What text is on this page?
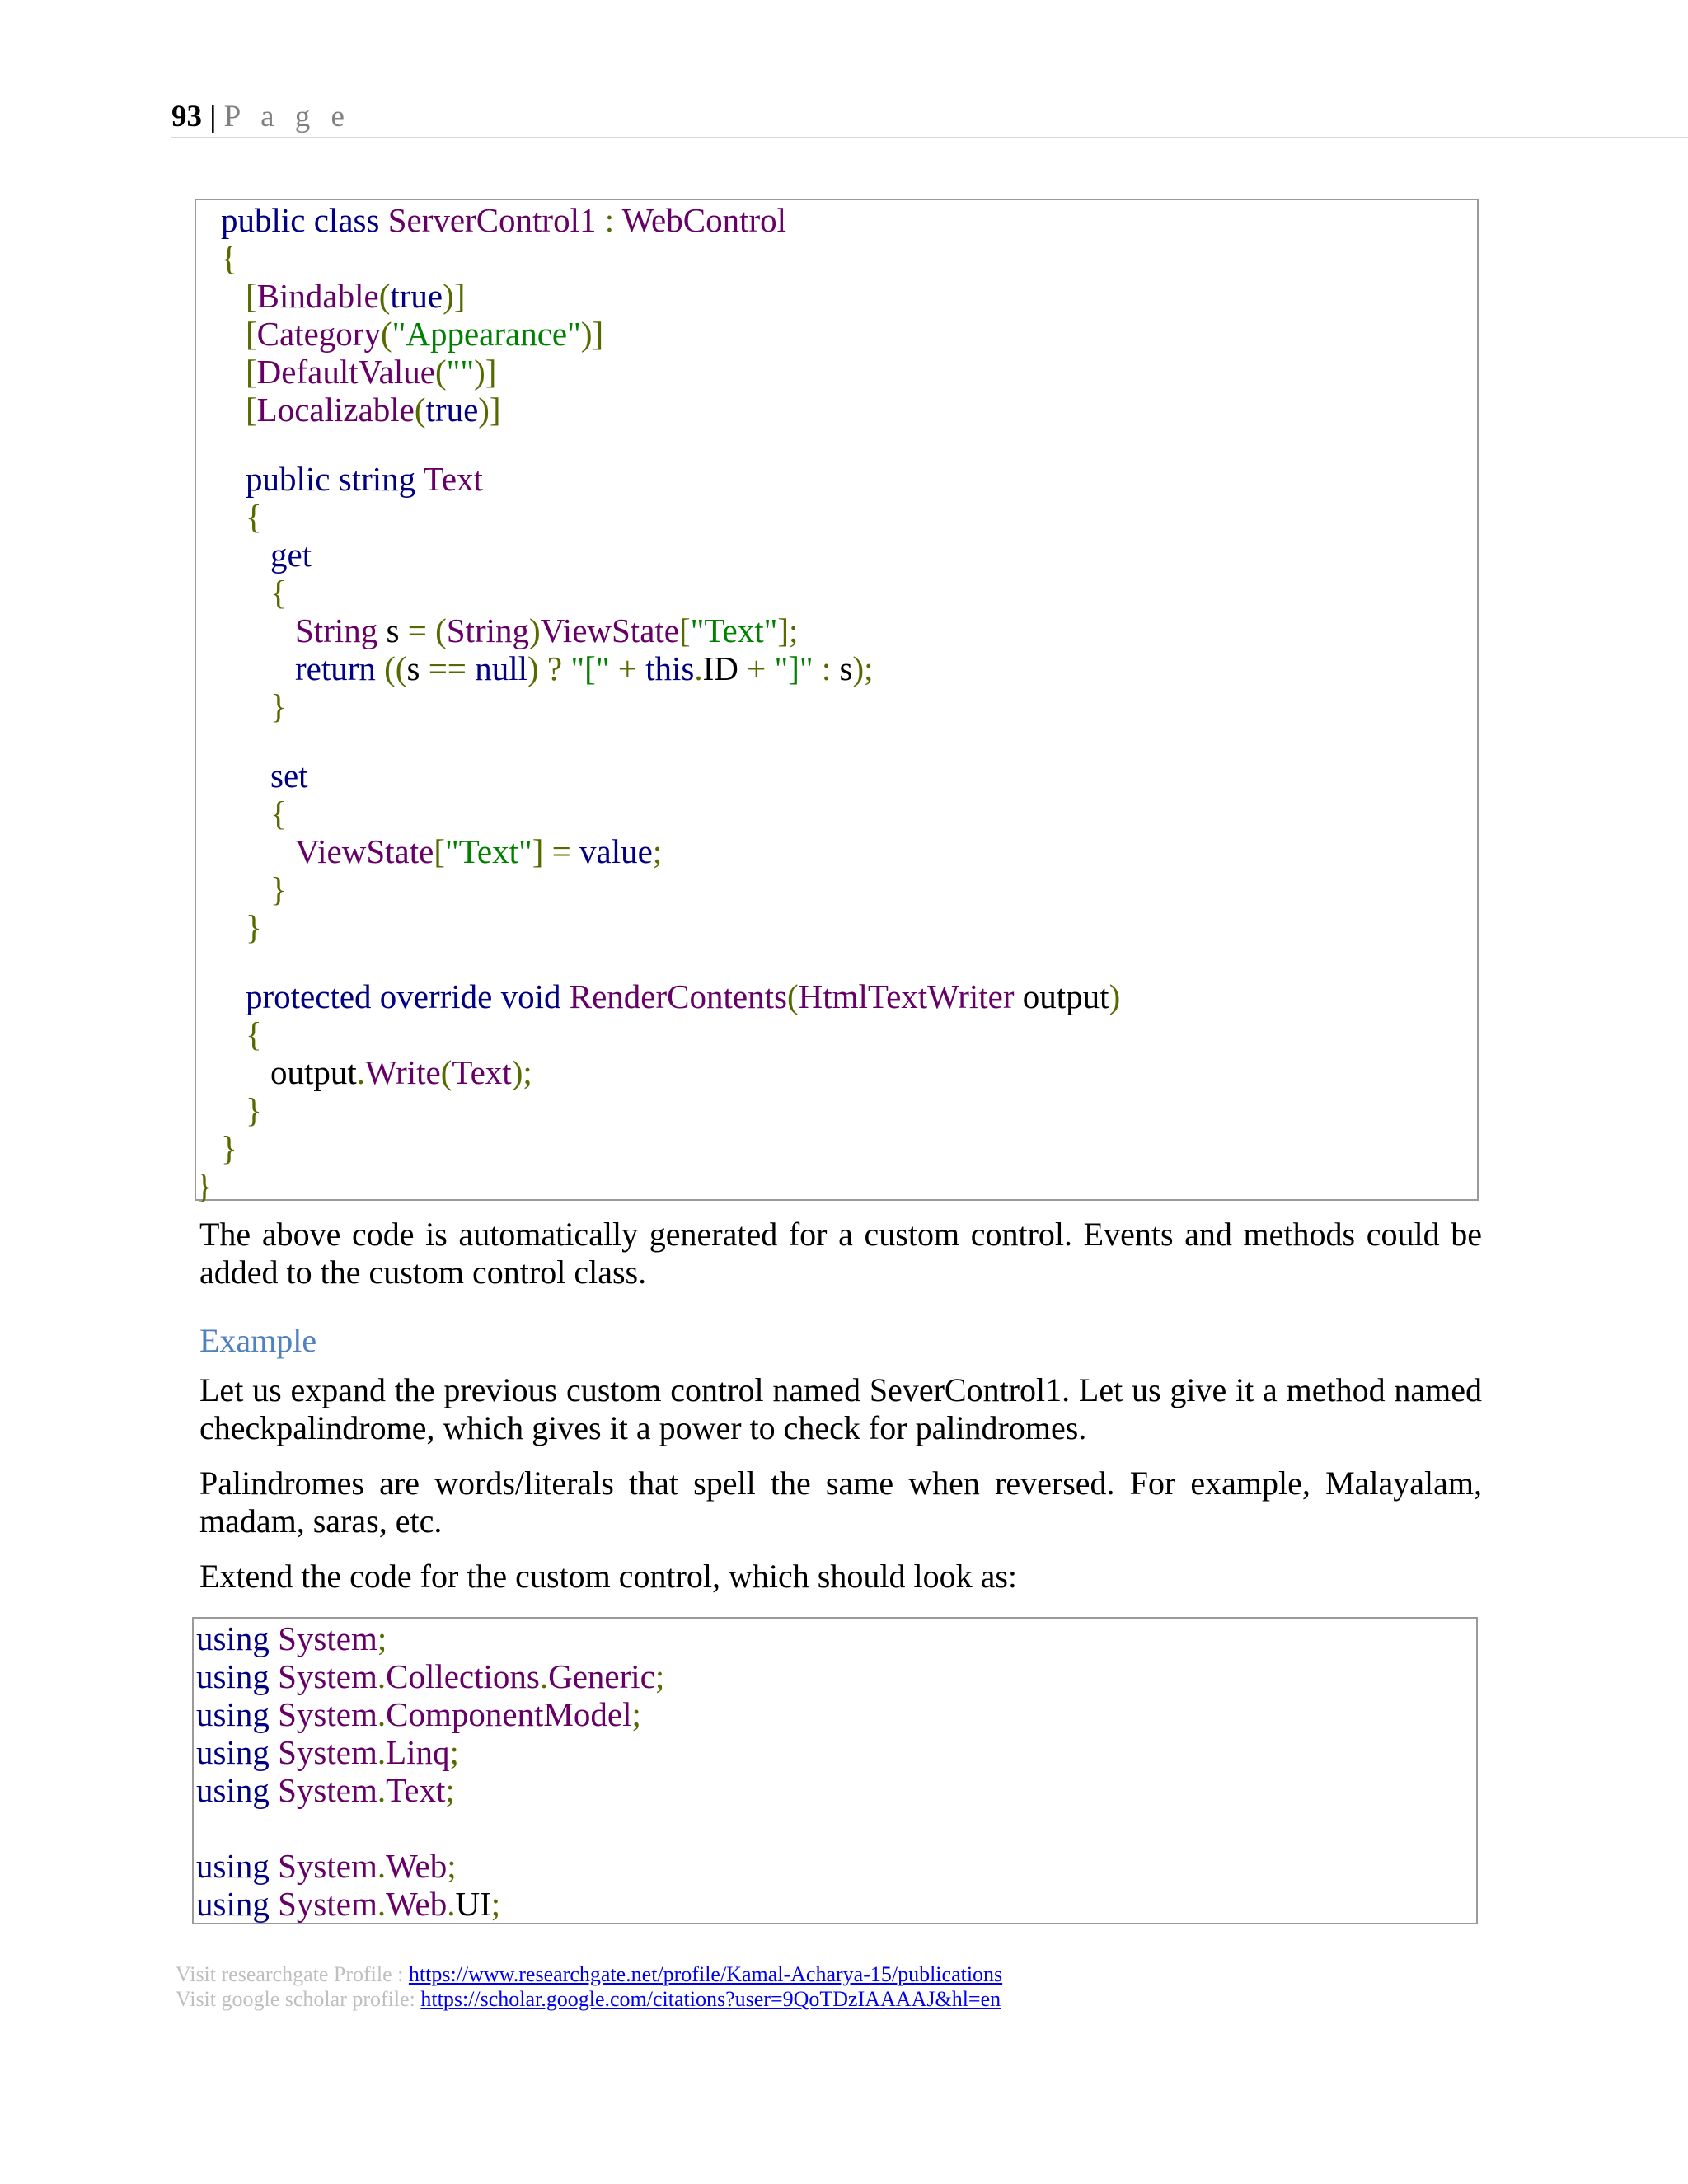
93 | P a g e
public class ServerControl1 : WebControl
{
[Bindable(true)]
[Category("Appearance")]
[DefaultValue("")]
[Localizable(true)]
public string Text
{
get
{
String s = (String)ViewState["Text"];
return ((s == null) ? "[" + this.ID + "]" : s);
}
set
{
ViewState["Text"] = value;
}
}
protected override void RenderContents(HtmlTextWriter output)
{
output.Write(Text);
}
}
}
The above code is automatically generated for a custom control. Events and methods could be added to the custom control class.
Example
Let us expand the previous custom control named SeverControl1. Let us give it a method named checkpalindrome, which gives it a power to check for palindromes.
Palindromes are words/literals that spell the same when reversed. For example, Malayalam, madam, saras, etc.
Extend the code for the custom control, which should look as:
using System;
using System.Collections.Generic;
using System.ComponentModel;
using System.Linq;
using System.Text;
using System.Web;
using System.Web.UI;
Visit researchgate Profile : https://www.researchgate.net/profile/Kamal-Acharya-15/publications
Visit google scholar profile: https://scholar.google.com/citations?user=9QoTDzIAAAAJ&hl=en
